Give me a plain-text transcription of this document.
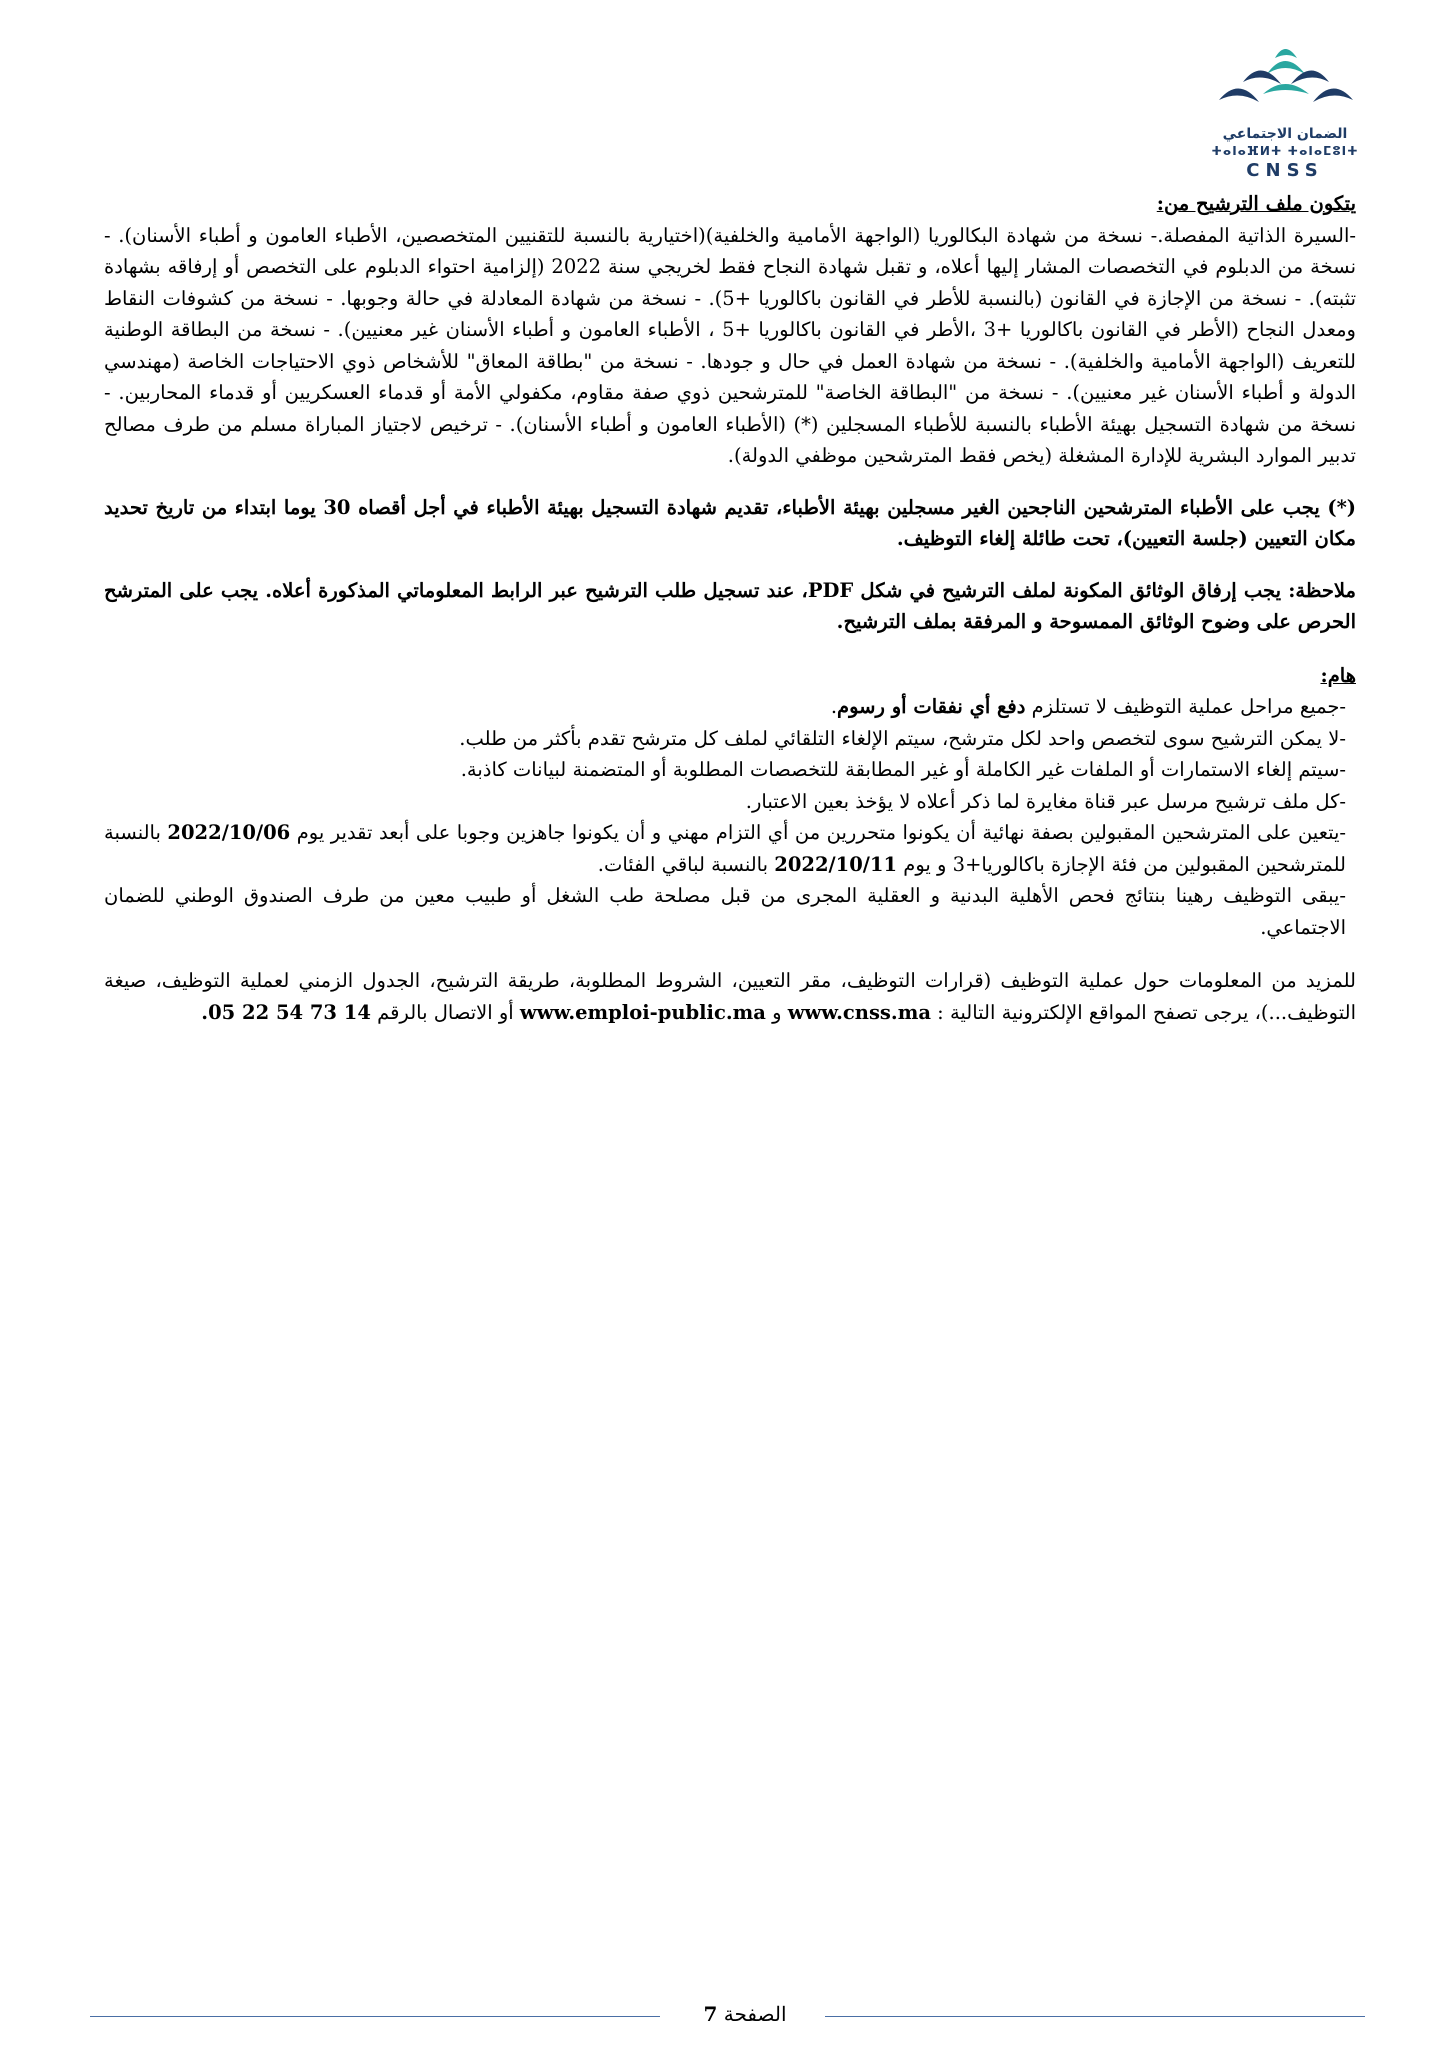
الضمان الاجتماعي
ⵜⴰⵏⴰⴼⵍⵜ ⵜⴰⵏⴰⵎⵓⵏⵜ
CNSS

يتكون ملف الترشيح من:

-السيرة الذاتية المفصلة.- نسخة من شهادة البكالوريا (الواجهة الأمامية والخلفية)(اختيارية بالنسبة للتقنيين المتخصصين، الأطباء العامون و أطباء الأسنان). - نسخة من الدبلوم في التخصصات المشار إليها أعلاه، و تقبل شهادة النجاح فقط لخريجي سنة 2022 (إلزامية احتواء الدبلوم على التخصص أو إرفاقه بشهادة تثبته). - نسخة من الإجازة في القانون (بالنسبة للأطر في القانون باكالوريا +5). - نسخة من شهادة المعادلة في حالة وجوبها. - نسخة من كشوفات النقاط ومعدل النجاح (الأطر في القانون باكالوريا +3 ،الأطر في القانون باكالوريا +5 ، الأطباء العامون و أطباء الأسنان غير معنيين). - نسخة من البطاقة الوطنية للتعريف (الواجهة الأمامية والخلفية). - نسخة من شهادة العمل في حال و جودها. - نسخة من "بطاقة المعاق" للأشخاص ذوي الاحتياجات الخاصة (مهندسي الدولة و أطباء الأسنان غير معنيين). - نسخة من "البطاقة الخاصة" للمترشحين ذوي صفة مقاوم، مكفولي الأمة أو قدماء العسكريين أو قدماء المحاربين. - نسخة من شهادة التسجيل بهيئة الأطباء بالنسبة للأطباء المسجلين (*) (الأطباء العامون و أطباء الأسنان). - ترخيص لاجتياز المباراة مسلم من طرف مصالح تدبير الموارد البشرية للإدارة المشغلة (يخص فقط المترشحين موظفي الدولة).

(*) يجب على الأطباء المترشحين الناجحين الغير مسجلين بهيئة الأطباء، تقديم شهادة التسجيل بهيئة الأطباء في أجل أقصاه 30 يوما ابتداء من تاريخ تحديد مكان التعيين (جلسة التعيين)، تحت طائلة إلغاء التوظيف.

ملاحظة: يجب إرفاق الوثائق المكونة لملف الترشيح في شكل PDF، عند تسجيل طلب الترشيح عبر الرابط المعلوماتي المذكورة أعلاه. يجب على المترشح الحرص على وضوح الوثائق الممسوحة و المرفقة بملف الترشيح.

هام:

-جميع مراحل عملية التوظيف لا تستلزم دفع أي نفقات أو رسوم.

-لا يمكن الترشيح سوى لتخصص واحد لكل مترشح، سيتم الإلغاء التلقائي لملف كل مترشح تقدم بأكثر من طلب.

-سيتم إلغاء الاستمارات أو الملفات غير الكاملة أو غير المطابقة للتخصصات المطلوبة أو المتضمنة لبيانات كاذبة.

-كل ملف ترشيح مرسل عبر قناة مغايرة لما ذكر أعلاه لا يؤخذ بعين الاعتبار.

-يتعين على المترشحين المقبولين بصفة نهائية أن يكونوا متحررين من أي التزام مهني و أن يكونوا جاهزين وجوبا على أبعد تقدير يوم 2022/10/06 بالنسبة للمترشحين المقبولين من فئة الإجازة باكالوريا+3 و يوم 2022/10/11 بالنسبة لباقي الفئات.

-يبقى التوظيف رهينا بنتائج فحص الأهلية البدنية و العقلية المجرى من قبل مصلحة طب الشغل أو طبيب معين من طرف الصندوق الوطني للضمان الاجتماعي.

للمزيد من المعلومات حول عملية التوظيف (قرارات التوظيف، مقر التعيين، الشروط المطلوبة، طريقة الترشيح، الجدول الزمني لعملية التوظيف، صيغة التوظيف...)، يرجى تصفح المواقع الإلكترونية التالية : www.cnss.ma و www.emploi-public.ma أو الاتصال بالرقم 05 22 54 73 14.

الصفحة 7
